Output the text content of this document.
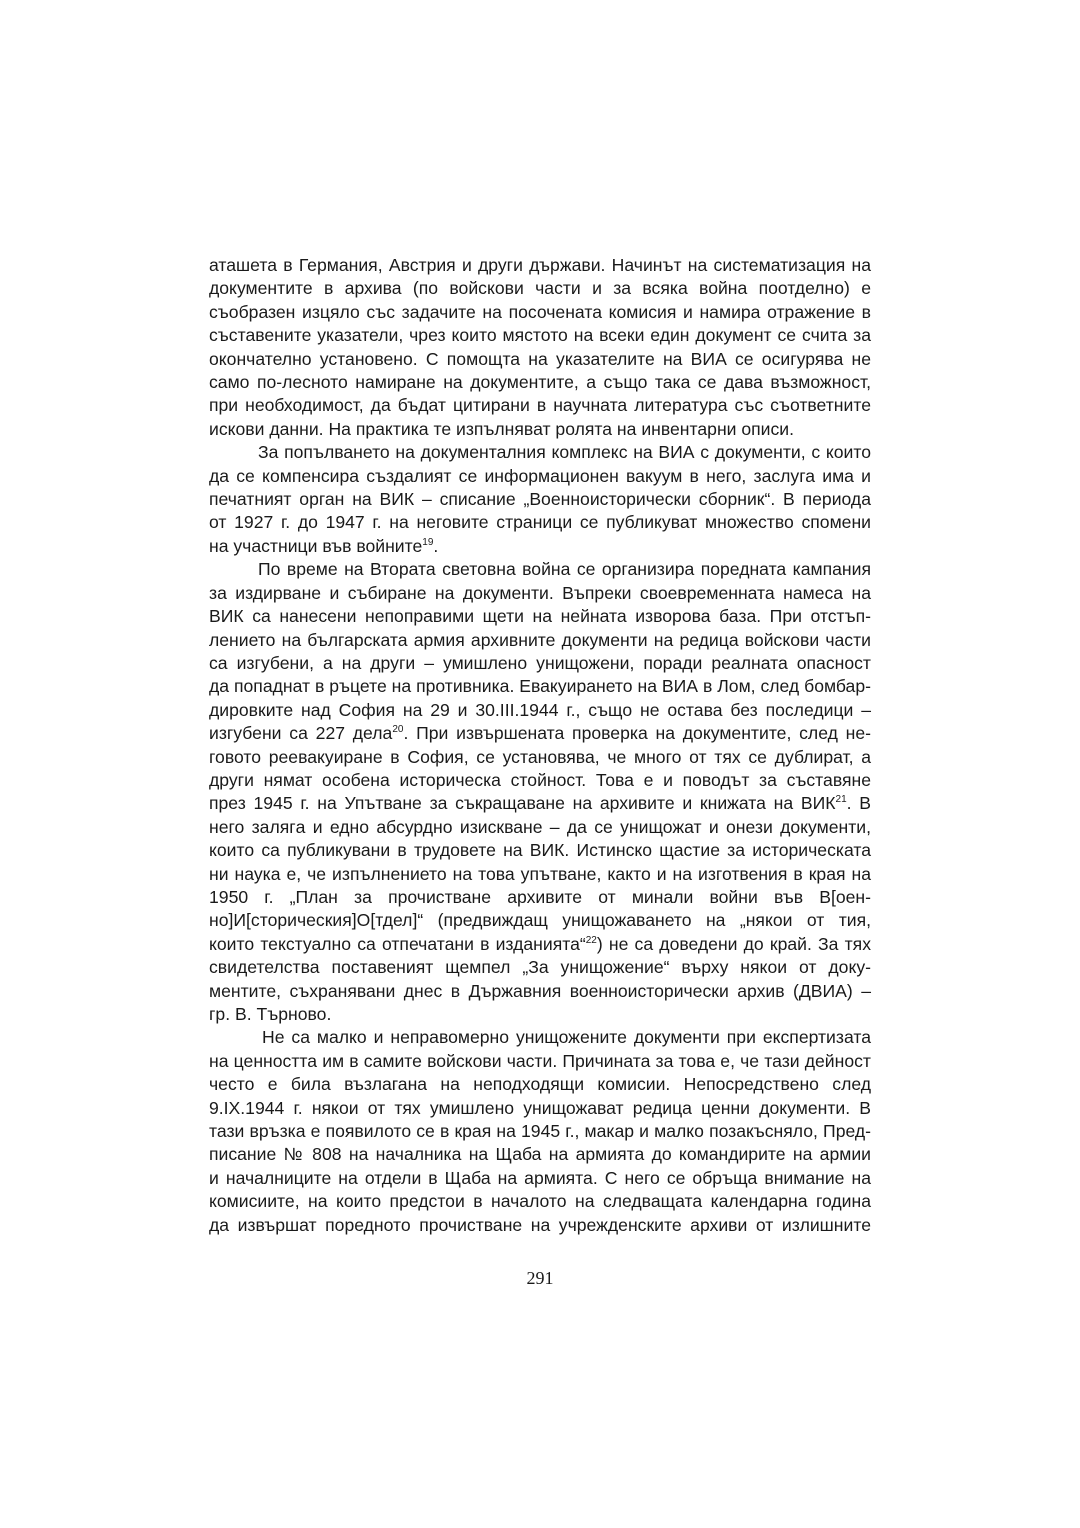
аташета в Германия, Австрия и други държави. Начинът на систематизация на
документите в архива (по войскови части и за всяка война поотделно) е
съобразен изцяло със задачите на посочената комисия и намира отражение в
съставените указатели, чрез които мястото на всеки един документ се счита за
окончателно установено. С помощта на указателите на ВИА се осигурява не
само по-лесното намиране на документите, а също така се дава възможност,
при необходимост, да бъдат цитирани в научната литература със съответните
искови данни. На практика те изпълняват ролята на инвентарни описи.
За попълването на документалния комплекс на ВИА с документи, с които
да се компенсира създалият се информационен вакуум в него, заслуга има и
печатният орган на ВИК – списание „Военноисторически сборник“. В периода
от 1927 г. до 1947 г. на неговите страници се публикуват множество спомени
на участници във войните$^{19}$.
По време на Втората световна война се организира поредната кампания
за издирване и събиране на документи. Въпреки своевременната намеса на
ВИК са нанесени непоправими щети на нейната изворова база. При отстъп-
лението на българската армия архивните документи на редица войскови части
са изгубени, а на други – умишлено унищожени, поради реалната опасност
да попаднат в ръцете на противника. Евакуирането на ВИА в Лом, след бомбар-
дировките над София на 29 и 30.III.1944 г., също не остава без последици –
изгубени са 227 дела$^{20}$. При извършената проверка на документите, след не-
говото реевакуиране в София, се установява, че много от тях се дублират, а
други нямат особена историческа стойност. Това е и поводът за съставяне
през 1945 г. на Упътване за съкращаване на архивите и книжата на ВИК$^{21}$. В
него залягa и едно абсурдно изискване – да се унищожат и онези документи,
които са публикувани в трудовете на ВИК. Истинско щастие за историческата
ни наука е, че изпълнението на това упътване, както и на изготвения в края на
1950 г. „План за прочистване архивите от минали войни във В[оен-
но]И[сторическия]О[тдел]“ (предвиждащ унищожаването на „някои от тия,
които текстуално са отпечатани в изданията“$^{22}$) не са доведени до край. За тях
свидетелства поставеният щемпел „За унищожение“ върху някои от доку-
ментите, съхранявани днес в Държавния военноисторически архив (ДВИА) –
гр. В. Търново.
Не са малко и неправомерно унищожените документи при експертизата
на ценността им в самите войскови части. Причината за това е, че тази дейност
често е била възлагана на неподходящи комисии. Непосредствено след
9.IX.1944 г. някои от тях умишлено унищожават редица ценни документи. В
тази връзка е появилото се в края на 1945 г., макар и малко позакъсняло, Пред-
писание № 808 на началника на Щаба на армията до командирите на армии
и началниците на отдели в Щаба на армията. С него се обръща внимание на
комисиите, на които предстои в началото на следващата календарна година
да извършат поредното прочистване на учрежденските архиви от излишните
291
